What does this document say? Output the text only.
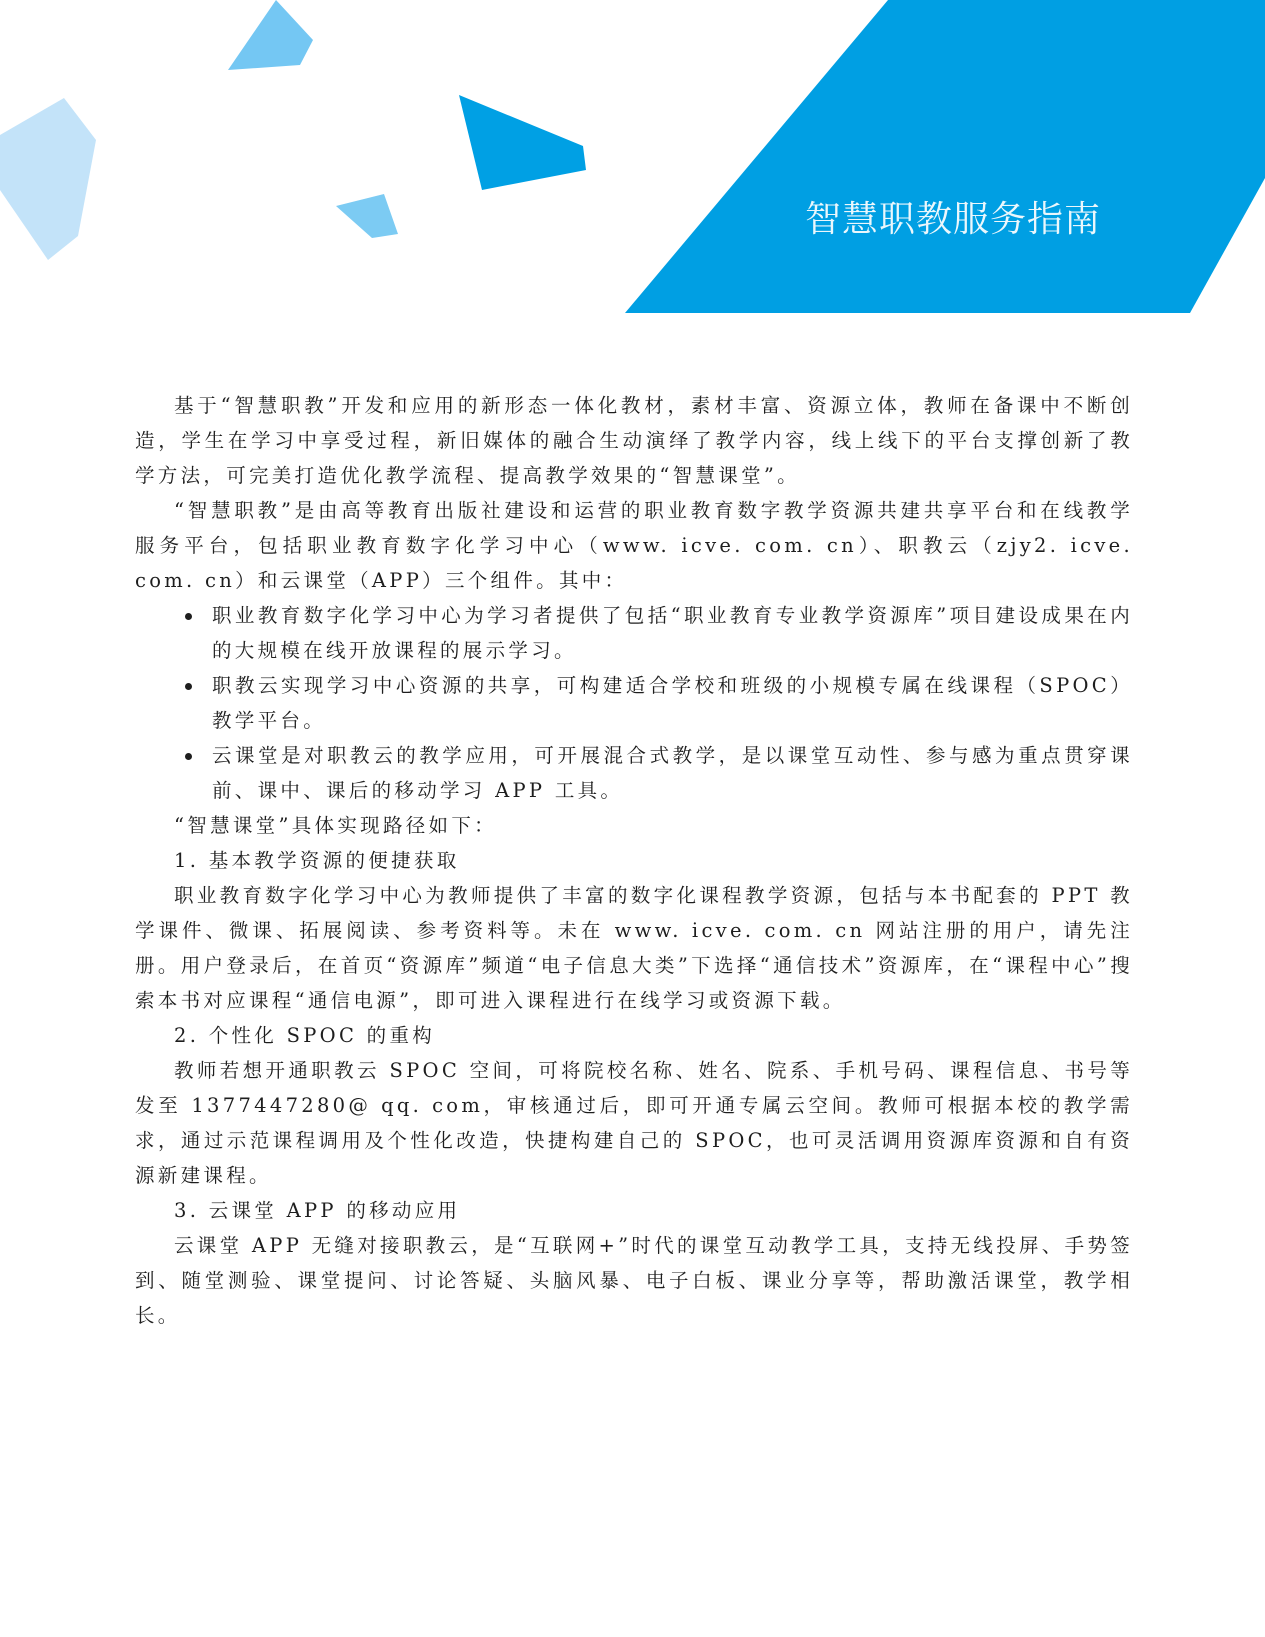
智慧职教服务指南

基于“智慧职教”开发和应用的新形态一体化教材，素材丰富、资源立体，教师在备课中不断创造，学生在学习中享受过程，新旧媒体的融合生动演绎了教学内容，线上线下的平台支撑创新了教学方法，可完美打造优化教学流程、提高教学效果的“智慧课堂”。

“智慧职教”是由高等教育出版社建设和运营的职业教育数字教学资源共建共享平台和在线教学服务平台，包括职业教育数字化学习中心（www. icve. com. cn）、职教云（zjy2. icve. com. cn）和云课堂（APP）三个组件。其中：

职业教育数字化学习中心为学习者提供了包括“职业教育专业教学资源库”项目建设成果在内的大规模在线开放课程的展示学习。
职教云实现学习中心资源的共享，可构建适合学校和班级的小规模专属在线课程（SPOC）教学平台。
云课堂是对职教云的教学应用，可开展混合式教学，是以课堂互动性、参与感为重点贯穿课前、课中、课后的移动学习 APP 工具。

“智慧课堂”具体实现路径如下：

1. 基本教学资源的便捷获取

职业教育数字化学习中心为教师提供了丰富的数字化课程教学资源，包括与本书配套的 PPT 教学课件、微课、拓展阅读、参考资料等。未在 www. icve. com. cn 网站注册的用户，请先注册。用户登录后，在首页“资源库”频道“电子信息大类”下选择“通信技术”资源库，在“课程中心”搜索本书对应课程“通信电源”，即可进入课程进行在线学习或资源下载。

2. 个性化 SPOC 的重构

教师若想开通职教云 SPOC 空间，可将院校名称、姓名、院系、手机号码、课程信息、书号等发至 1377447280@ qq. com，审核通过后，即可开通专属云空间。教师可根据本校的教学需求，通过示范课程调用及个性化改造，快捷构建自己的 SPOC，也可灵活调用资源库资源和自有资源新建课程。

3. 云课堂 APP 的移动应用

云课堂 APP 无缝对接职教云，是“互联网+”时代的课堂互动教学工具，支持无线投屏、手势签到、随堂测验、课堂提问、讨论答疑、头脑风暴、电子白板、课业分享等，帮助激活课堂，教学相长。
